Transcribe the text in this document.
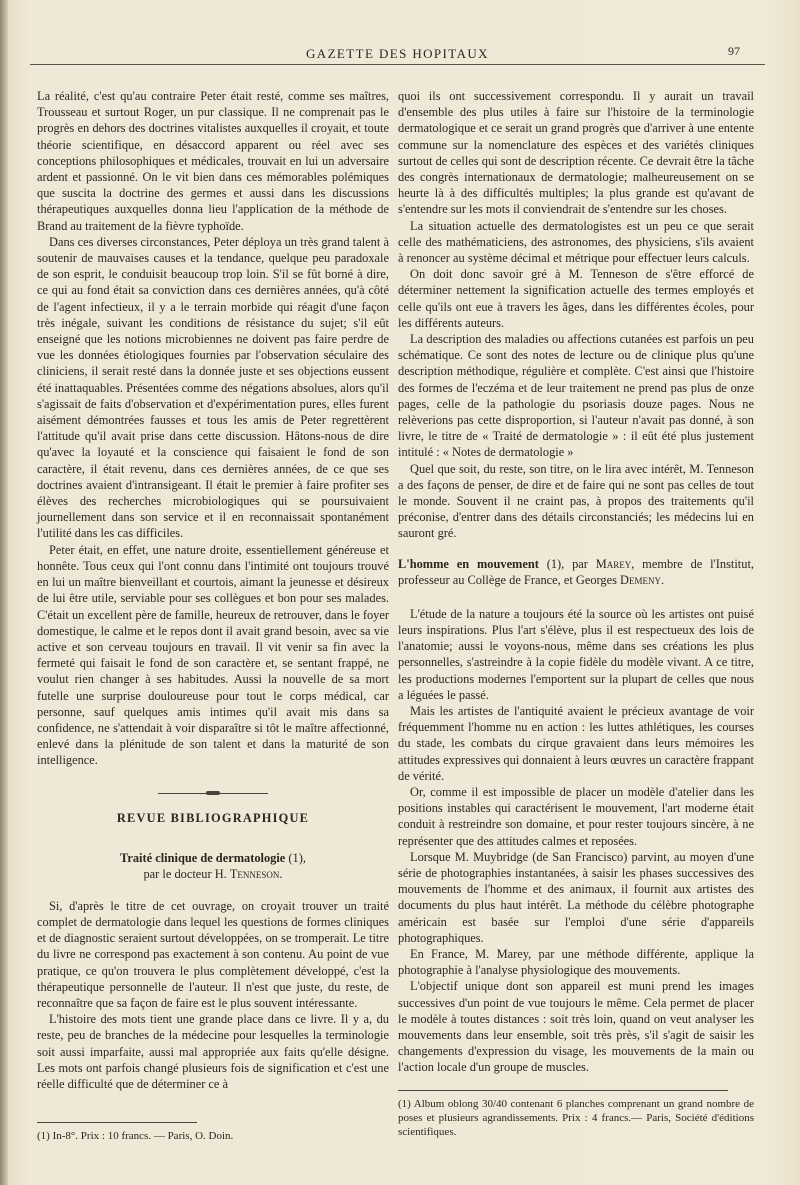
GAZETTE DES HOPITAUX	97

La réalité, c'est qu'au contraire Peter était resté, comme ses maîtres, Trousseau et surtout Roger, un pur classique. Il ne comprenait pas le progrès en dehors des doctrines vitalistes auxquelles il croyait, et toute théorie scientifique, en désaccord apparent ou réel avec ses conceptions philosophiques et médicales, trouvait en lui un adversaire ardent et passionné. On le vit bien dans ces mémorables polémiques que suscita la doctrine des germes et aussi dans les discussions thérapeutiques auxquelles donna lieu l'application de la méthode de Brand au traitement de la fièvre typhoïde.

Dans ces diverses circonstances, Peter déploya un très grand talent à soutenir de mauvaises causes et la tendance, quelque peu paradoxale de son esprit, le conduisit beaucoup trop loin. S'il se fût borné à dire, ce qui au fond était sa conviction dans ces dernières années, qu'à côté de l'agent infectieux, il y a le terrain morbide qui réagit d'une façon très inégale, suivant les conditions de résistance du sujet; s'il eût enseigné que les notions microbiennes ne doivent pas faire perdre de vue les données étiologiques fournies par l'observation séculaire des cliniciens, il serait resté dans la donnée juste et ses objections eussent été inattaquables. Présentées comme des négations absolues, alors qu'il s'agissait de faits d'observation et d'expérimentation pures, elles furent aisément démontrées fausses et tous les amis de Peter regrettèrent l'attitude qu'il avait prise dans cette discussion. Hâtons-nous de dire qu'avec la loyauté et la conscience qui faisaient le fond de son caractère, il était revenu, dans ces dernières années, de ce que ses doctrines avaient d'intransigeant. Il était le premier à faire profiter ses élèves des recherches microbiologiques qui se poursuivaient journellement dans son service et il en reconnaissait spontanément l'utilité dans les cas difficiles.

Peter était, en effet, une nature droite, essentiellement généreuse et honnête. Tous ceux qui l'ont connu dans l'intimité ont toujours trouvé en lui un maître bienveillant et courtois, aimant la jeunesse et désireux de lui être utile, serviable pour ses collègues et bon pour ses malades. C'était un excellent père de famille, heureux de retrouver, dans le foyer domestique, le calme et le repos dont il avait grand besoin, avec sa vie active et son cerveau toujours en travail. Il vit venir sa fin avec la fermeté qui faisait le fond de son caractère et, se sentant frappé, ne voulut rien changer à ses habitudes. Aussi la nouvelle de sa mort futelle une surprise douloureuse pour tout le corps médical, car personne, sauf quelques amis intimes qu'il avait mis dans sa confidence, ne s'attendait à voir disparaître si tôt le maître affectionné, enlevé dans la plénitude de son talent et dans la maturité de son intelligence.

REVUE BIBLIOGRAPHIQUE
Traité clinique de dermatologie (1),
par le docteur H. Tenneson.

Si, d'après le titre de cet ouvrage, on croyait trouver un traité complet de dermatologie dans lequel les questions de formes cliniques et de diagnostic seraient surtout développées, on se tromperait. Le titre du livre ne correspond pas exactement à son contenu. Au point de vue pratique, ce qu'on trouvera le plus complètement développé, c'est la thérapeutique personnelle de l'auteur. Il n'est que juste, du reste, de reconnaître que sa façon de faire est le plus souvent intéressante.

L'histoire des mots tient une grande place dans ce livre. Il y a, du reste, peu de branches de la médecine pour lesquelles la terminologie soit aussi imparfaite, aussi mal appropriée aux faits qu'elle désigne. Les mots ont parfois changé plusieurs fois de signification et c'est une réelle difficulté que de déterminer ce à

(1) In-8°. Prix : 10 francs. — Paris, O. Doin.

quoi ils ont successivement correspondu. Il y aurait un travail d'ensemble des plus utiles à faire sur l'histoire de la terminologie dermatologique et ce serait un grand progrès que d'arriver à une entente commune sur la nomenclature des espèces et des variétés cliniques surtout de celles qui sont de description récente. Ce devrait être la tâche des congrès internationaux de dermatologie; malheureusement on se heurte là à des difficultés multiples; la plus grande est qu'avant de s'entendre sur les mots il conviendrait de s'entendre sur les choses.

La situation actuelle des dermatologistes est un peu ce que serait celle des mathématiciens, des astronomes, des physiciens, s'ils avaient à renoncer au système décimal et métrique pour effectuer leurs calculs.

On doit donc savoir gré à M. Tenneson de s'être efforcé de déterminer nettement la signification actuelle des termes employés et celle qu'ils ont eue à travers les âges, dans les différentes écoles, pour les différents auteurs.

La description des maladies ou affections cutanées est parfois un peu schématique. Ce sont des notes de lecture ou de clinique plus qu'une description méthodique, régulière et complète. C'est ainsi que l'histoire des formes de l'eczéma et de leur traitement ne prend pas plus de onze pages, celle de la pathologie du psoriasis douze pages. Nous ne relèverions pas cette disproportion, si l'auteur n'avait pas donné, à son livre, le titre de « Traité de dermatologie » : il eût été plus justement intitulé : « Notes de dermatologie »

Quel que soit, du reste, son titre, on le lira avec intérêt, M. Tenneson a des façons de penser, de dire et de faire qui ne sont pas celles de tout le monde. Souvent il ne craint pas, à propos des traitements qu'il préconise, d'entrer dans des détails circonstanciés; les médecins lui en sauront gré.

L'homme en mouvement (1), par Marey, membre de l'Institut, professeur au Collège de France, et Georges Demeny.

L'étude de la nature a toujours été la source où les artistes ont puisé leurs inspirations. Plus l'art s'élève, plus il est respectueux des lois de l'anatomie; aussi le voyons-nous, même dans ses créations les plus personnelles, s'astreindre à la copie fidèle du modèle vivant. A ce titre, les productions modernes l'emportent sur la plupart de celles que nous a léguées le passé.

Mais les artistes de l'antiquité avaient le précieux avantage de voir fréquemment l'homme nu en action : les luttes athlétiques, les courses du stade, les combats du cirque gravaient dans leurs mémoires les attitudes expressives qui donnaient à leurs œuvres un caractère frappant de vérité.

Or, comme il est impossible de placer un modèle d'atelier dans les positions instables qui caractérisent le mouvement, l'art moderne était conduit à restreindre son domaine, et pour rester toujours sincère, à ne représenter que des attitudes calmes et reposées.

Lorsque M. Muybridge (de San Francisco) parvint, au moyen d'une série de photographies instantanées, à saisir les phases successives des mouvements de l'homme et des animaux, il fournit aux artistes des documents du plus haut intérêt. La méthode du célèbre photographe américain est basée sur l'emploi d'une série d'appareils photographiques.

En France, M. Marey, par une méthode différente, applique la photographie à l'analyse physiologique des mouvements.

L'objectif unique dont son appareil est muni prend les images successives d'un point de vue toujours le même. Cela permet de placer le modèle à toutes distances : soit très loin, quand on veut analyser les mouvements dans leur ensemble, soit très près, s'il s'agit de saisir les changements d'expression du visage, les mouvements de la main ou l'action locale d'un groupe de muscles.

(1) Album oblong 30/40 contenant 6 planches comprenant un grand nombre de poses et plusieurs agrandissements. Prix : 4 francs.— Paris, Société d'éditions scientifiques.
